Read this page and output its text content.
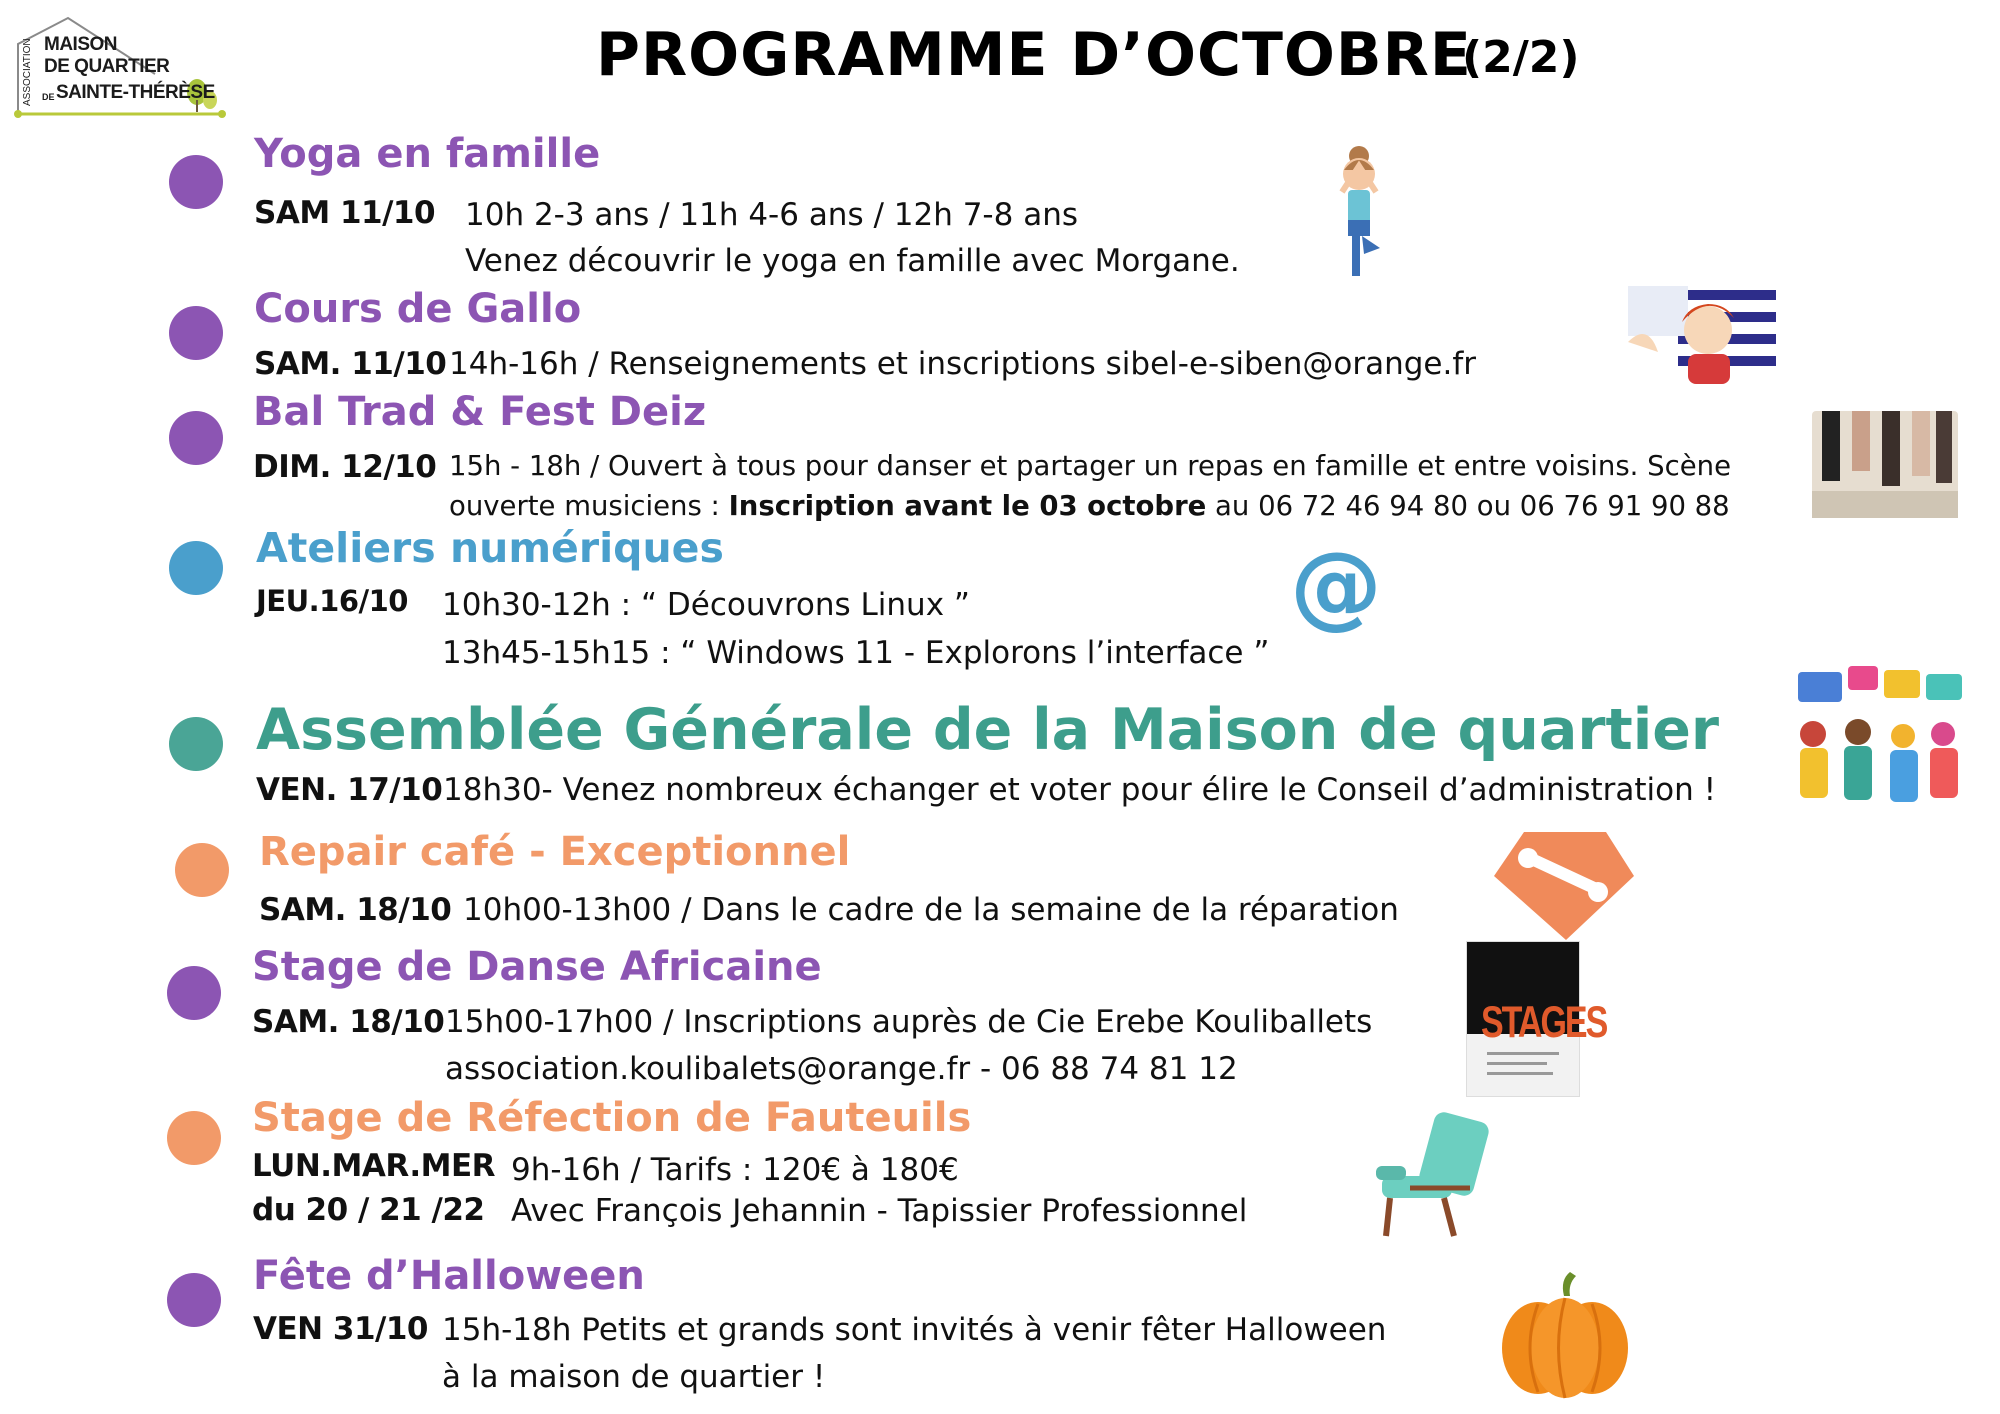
ASSOCIATION MAISON
DE QUARTIER
DE SAINTE-THÉRÈSE
PROGRAMME D’OCTOBRE
(2/2)
Yoga en famille
SAM 11/10 10h 2-3 ans / 11h 4-6 ans / 12h 7-8 ans
Venez découvrir le yoga en famille avec Morgane.
Cours de Gallo
SAM. 11/10 14h-16h / Renseignements et inscriptions sibel-e-siben@orange.fr
Bal Trad & Fest Deiz
DIM. 12/10 15h - 18h / Ouvert à tous pour danser et partager un repas en famille et entre voisins. Scène
ouverte musiciens : Inscription avant le 03 octobre au 06 72 46 94 80 ou 06 76 91 90 88
Ateliers numériques
JEU.16/10 10h30-12h : “ Découvrons Linux ”
13h45-15h15 : “ Windows 11 - Explorons l’interface ”
@
Assemblée Générale de la Maison de quartier
VEN. 17/10 18h30- Venez nombreux échanger et voter pour élire le Conseil d’administration !
Repair café - Exceptionnel
SAM. 18/10 10h00-13h00 / Dans le cadre de la semaine de la réparation
Stage de Danse Africaine
SAM. 18/10 15h00-17h00 / Inscriptions auprès de Cie Erebe Kouliballets
association.koulibalets@orange.fr - 06 88 74 81 12
STAGES
Stage de Réfection de Fauteuils
LUN.MAR.MER
du 20 / 21 /22
9h-16h / Tarifs : 120€ à 180€
Avec François Jehannin - Tapissier Professionnel
Fête d’Halloween
VEN 31/10 15h-18h Petits et grands sont invités à venir fêter Halloween
à la maison de quartier !
